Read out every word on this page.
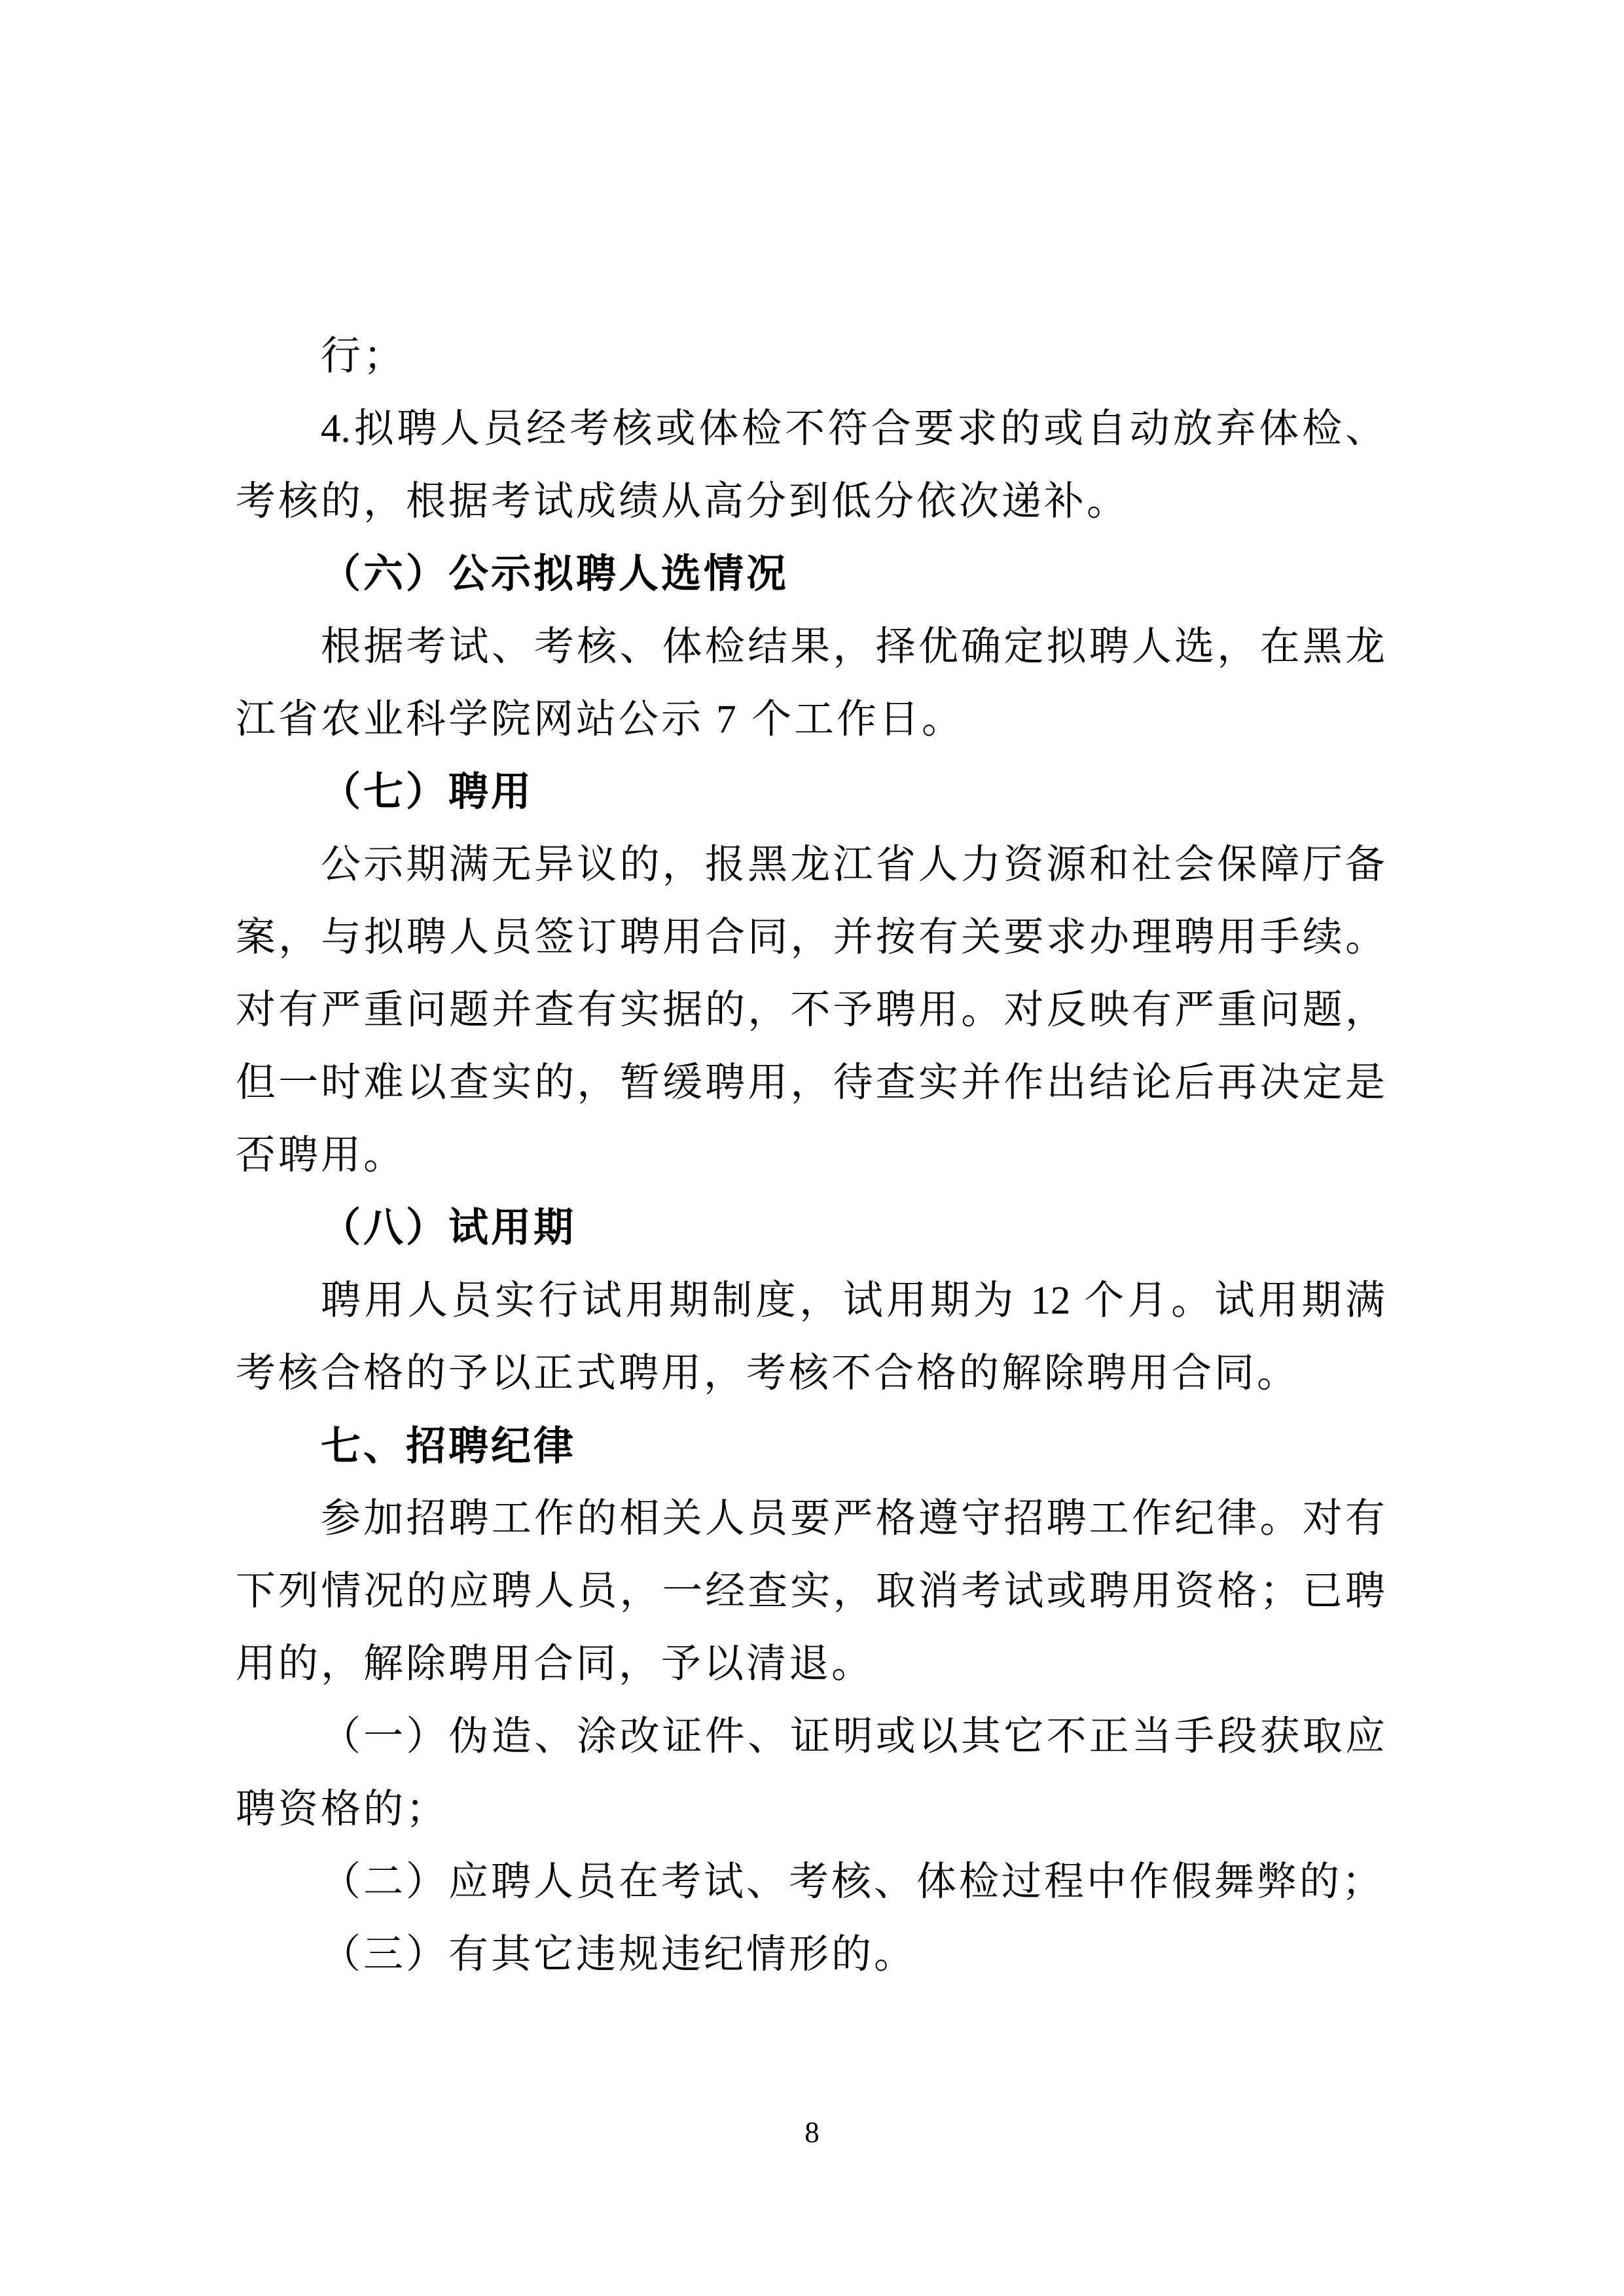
行；
4.拟聘人员经考核或体检不符合要求的或自动放弃体检、
考核的，根据考试成绩从高分到低分依次递补。
（六）公示拟聘人选情况
根据考试、考核、体检结果，择优确定拟聘人选，在黑龙
江省农业科学院网站公示 7 个工作日。
（七）聘用
公示期满无异议的，报黑龙江省人力资源和社会保障厅备
案，与拟聘人员签订聘用合同，并按有关要求办理聘用手续。
对有严重问题并查有实据的，不予聘用。对反映有严重问题，
但一时难以查实的，暂缓聘用，待查实并作出结论后再决定是
否聘用。
（八）试用期
聘用人员实行试用期制度，试用期为 12 个月。试用期满
考核合格的予以正式聘用，考核不合格的解除聘用合同。
七、招聘纪律
参加招聘工作的相关人员要严格遵守招聘工作纪律。对有
下列情况的应聘人员，一经查实，取消考试或聘用资格；已聘
用的，解除聘用合同，予以清退。
（一）伪造、涂改证件、证明或以其它不正当手段获取应
聘资格的；
（二）应聘人员在考试、考核、体检过程中作假舞弊的；
（三）有其它违规违纪情形的。
8
